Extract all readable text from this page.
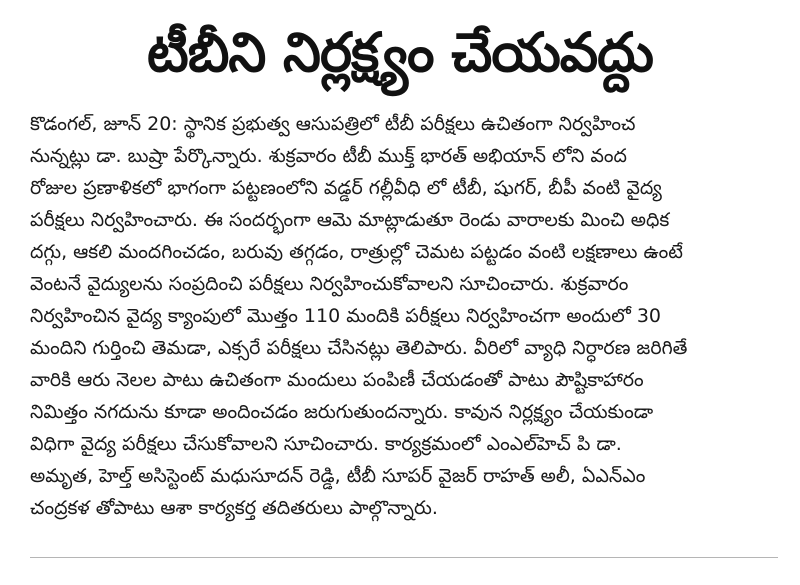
టీబీని నిర్లక్ష్యం చేయవద్దు
కొడంగల్, జూన్ 20: స్థానిక ప్రభుత్వ ఆసుపత్రిలో టీబీ పరీక్షలు ఉచితంగా నిర్వహించ
నున్నట్లు డా. బుష్రా పేర్కొన్నారు. శుక్రవారం టీబీ ముక్త్ భారత్ అభియాన్ లోని వంద
రోజుల ప్రణాళికలో భాగంగా పట్టణంలోని వడ్డర్ గల్లీవీధి లో టీబీ, షుగర్, బీపీ వంటి వైద్య
పరీక్షలు నిర్వహించారు. ఈ సందర్భంగా ఆమె మాట్లాడుతూ రెండు వారాలకు మించి అధిక
దగ్గు, ఆకలి మందగించడం, బరువు తగ్గడం, రాత్రుల్లో చెమట పట్టడం వంటి లక్షణాలు ఉంటే
వెంటనే వైద్యులను సంప్రదించి పరీక్షలు నిర్వహించుకోవాలని సూచించారు. శుక్రవారం
నిర్వహించిన వైద్య క్యాంపులో మొత్తం 110 మందికి పరీక్షలు నిర్వహించగా అందులో 30
మందిని గుర్తించి తెమడా, ఎక్సరే పరీక్షలు చేసినట్లు తెలిపారు. వీరిలో వ్యాధి నిర్ధారణ జరిగితే
వారికి ఆరు నెలల పాటు ఉచితంగా మందులు పంపిణీ చేయడంతో పాటు పౌష్టికాహారం
నిమిత్తం నగదును కూడా అందించడం జరుగుతుందన్నారు. కావున నిర్లక్ష్యం చేయకుండా
విధిగా వైద్య పరీక్షలు చేసుకోవాలని సూచించారు. కార్యక్రమంలో ఎంఎల్‌హెచ్ పి డా.
అమృత, హెల్త్ అసిస్టెంట్ మధుసూదన్ రెడ్డి, టీబీ సూపర్ వైజర్ రాహత్ అలీ, ఏఎన్ఎం
చంద్రకళ తోపాటు ఆశా కార్యకర్త తదితరులు పాల్గొన్నారు.
